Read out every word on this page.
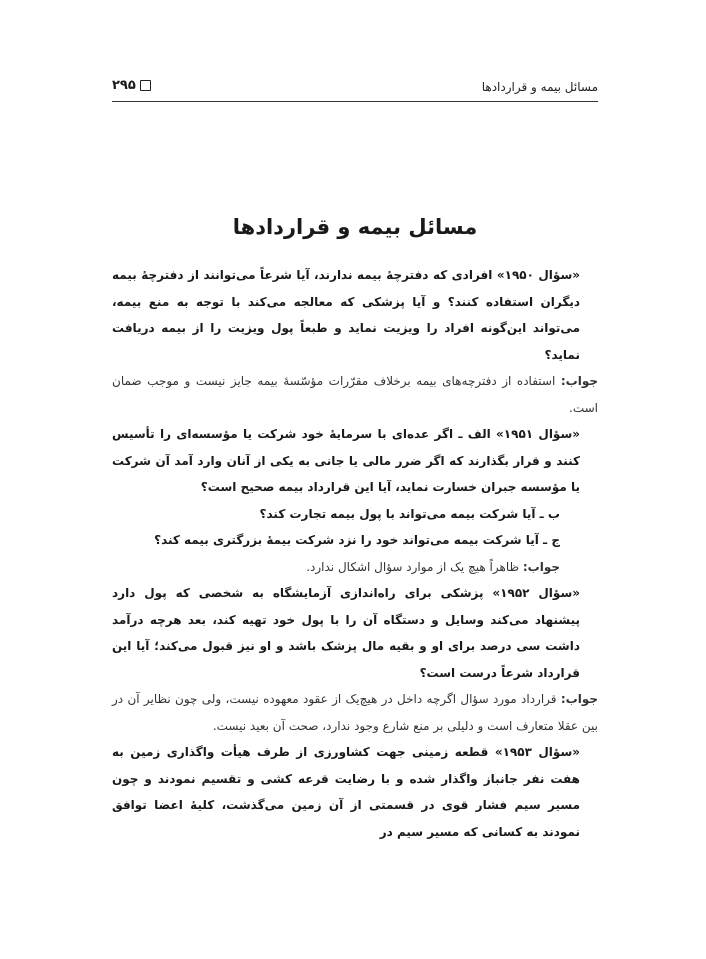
مسائل بیمه و قراردادها
۲۹۵
مسائل بیمه و قراردادها

«سؤال ۱۹۵۰» افرادی که دفترچهٔ بیمه ندارند، آیا شرعاً می‌توانند از دفترچهٔ بیمه دیگران استفاده کنند؟ و آیا پزشکی که معالجه می‌کند با توجه به منع بیمه، می‌تواند این‌گونه افراد را ویزیت نماید و طبعاً پول ویزیت را از بیمه دریافت نماید؟

جواب: استفاده از دفترچه‌های بیمه برخلاف مقرّرات مؤسّسهٔ بیمه جایز نیست و موجب ضمان است.

«سؤال ۱۹۵۱» الف ـ اگر عده‌ای با سرمایهٔ خود شرکت یا مؤسسه‌ای را تأسیس کنند و قرار بگذارند که اگر ضرر مالی یا جانی به یکی از آنان وارد آمد آن شرکت یا مؤسسه جبران خسارت نماید، آیا این قرارداد بیمه صحیح است؟

ب ـ آیا شرکت بیمه می‌تواند با پول بیمه تجارت کند؟

ج ـ آیا شرکت بیمه می‌تواند خود را نزد شرکت بیمهٔ بزرگتری بیمه کند؟

جواب: ظاهراً هیچ یک از موارد سؤال اشکال ندارد.

«سؤال ۱۹۵۲» پزشکی برای راه‌اندازی آزمایشگاه به شخصی که پول دارد پیشنهاد می‌کند وسایل و دستگاه آن را با پول خود تهیه کند، بعد هرچه درآمد داشت سی درصد برای او و بقیه مال پزشک باشد و او نیز قبول می‌کند؛ آیا این قرارداد شرعاً درست است؟

جواب: قرارداد مورد سؤال اگرچه داخل در هیچ‌یک از عقود معهوده نیست، ولی چون نظایر آن در بین عقلا متعارف است و دلیلی بر منع شارع وجود ندارد، صحت آن بعید نیست.

«سؤال ۱۹۵۳» قطعه زمینی جهت کشاورزی از طرف هیأت واگذاری زمین به هفت نفر جانباز واگذار شده و با رضایت قرعه کشی و تقسیم نمودند و چون مسیر سیم فشار قوی در قسمتی از آن زمین می‌گذشت، کلیهٔ اعضا توافق نمودند به کسانی که مسیر سیم در
